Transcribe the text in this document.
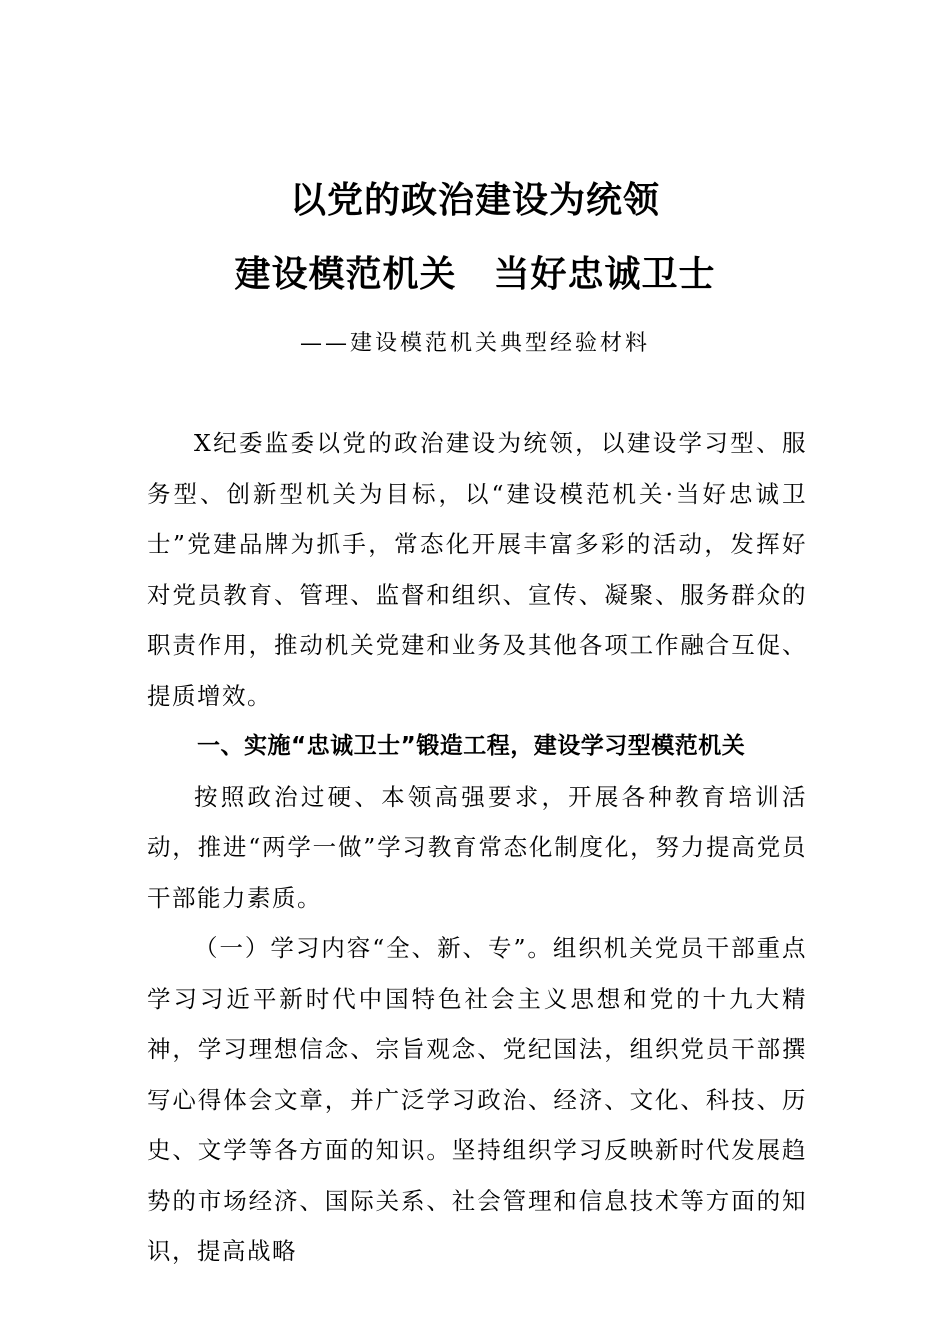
以党的政治建设为统领
建设模范机关　当好忠诚卫士
——建设模范机关典型经验材料

X纪委监委以党的政治建设为统领，以建设学习型、服务型、创新型机关为目标，以“建设模范机关·当好忠诚卫士”党建品牌为抓手，常态化开展丰富多彩的活动，发挥好对党员教育、管理、监督和组织、宣传、凝聚、服务群众的职责作用，推动机关党建和业务及其他各项工作融合互促、提质增效。

一、实施“忠诚卫士”锻造工程，建设学习型模范机关

按照政治过硬、本领高强要求，开展各种教育培训活动，推进“两学一做”学习教育常态化制度化，努力提高党员干部能力素质。

（一）学习内容“全、新、专”。组织机关党员干部重点学习习近平新时代中国特色社会主义思想和党的十九大精神，学习理想信念、宗旨观念、党纪国法，组织党员干部撰写心得体会文章，并广泛学习政治、经济、文化、科技、历史、文学等各方面的知识。坚持组织学习反映新时代发展趋势的市场经济、国际关系、社会管理和信息技术等方面的知识，提高战略
